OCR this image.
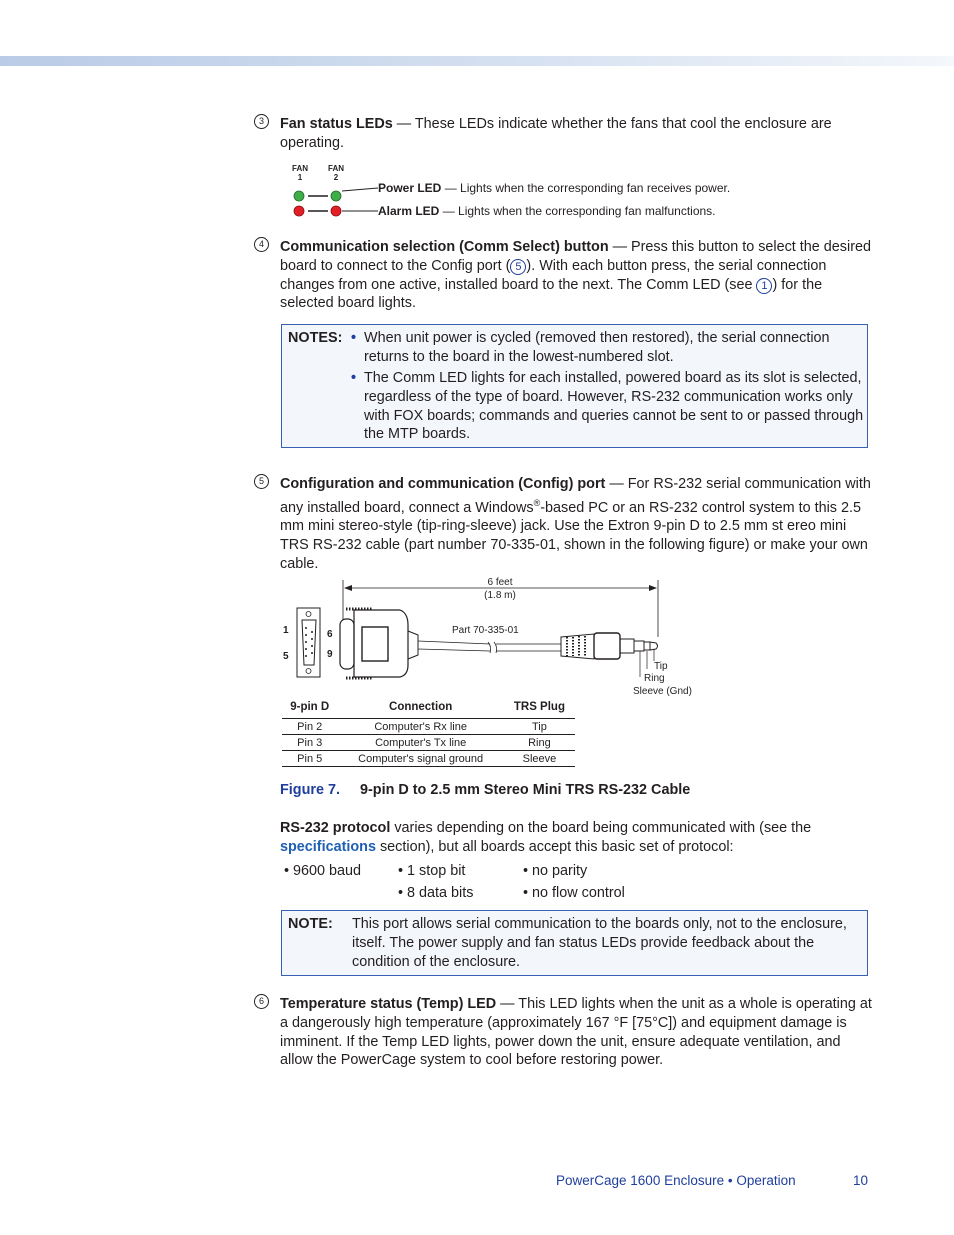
3	Fan status LEDs — These LEDs indicate whether the fans that cool the enclosure are operating.
FAN
1
FAN
2
Power LED — Lights when the corresponding fan receives power.
Alarm LED — Lights when the corresponding fan malfunctions.
4	Communication selection (Comm Select) button — Press this button to select the desired board to connect to the Config port ( 5 ). With each button press, the serial connection changes from one active, installed board to the next. The Comm LED (see 1 ) for the selected board lights.
NOTES: • When unit power is cycled (removed then restored), the serial connection returns to the board in the lowest-numbered slot.
• The Comm LED lights for each installed, powered board as its slot is selected, regardless of the type of board. However, RS-232 communication works only with FOX boards; commands and queries cannot be sent to or passed through the MTP boards.
5	Configuration and communication (Config) port — For RS-232 serial communication with any installed board, connect a Windows®-based PC or an RS-232 control system to this 2.5 mm mini stereo-style (tip-ring-sleeve) jack. Use the Extron 9-pin D to 2.5 mm st ereo mini TRS RS-232 cable (part number 70-335-01, shown in the following figure) or make your own cable.
6 feet
(1.8 m)
Part 70-335-01
1
5
6
9
Tip
Ring
Sleeve (Gnd)
9-pin D	Connection	TRS Plug
Pin 2	Computer's Rx line	Tip
Pin 3	Computer's Tx line	Ring
Pin 5	Computer's signal ground	Sleeve
Figure 7. 9-pin D to 2.5 mm Stereo Mini TRS RS-232 Cable
RS-232 protocol varies depending on the board being communicated with (see the specifications section), but all boards accept this basic set of protocol:
• 9600 baud	• 1 stop bit	• no parity
• 8 data bits	• no flow control
NOTE: This port allows serial communication to the boards only, not to the enclosure, itself. The power supply and fan status LEDs provide feedback about the condition of the enclosure.
6	Temperature status (Temp) LED — This LED lights when the unit as a whole is operating at a dangerously high temperature (approximately 167 °F [75°C]) and equipment damage is imminent. If the Temp LED lights, power down the unit, ensure adequate ventilation, and allow the PowerCage system to cool before restoring power.
PowerCage 1600 Enclosure • Operation	10
